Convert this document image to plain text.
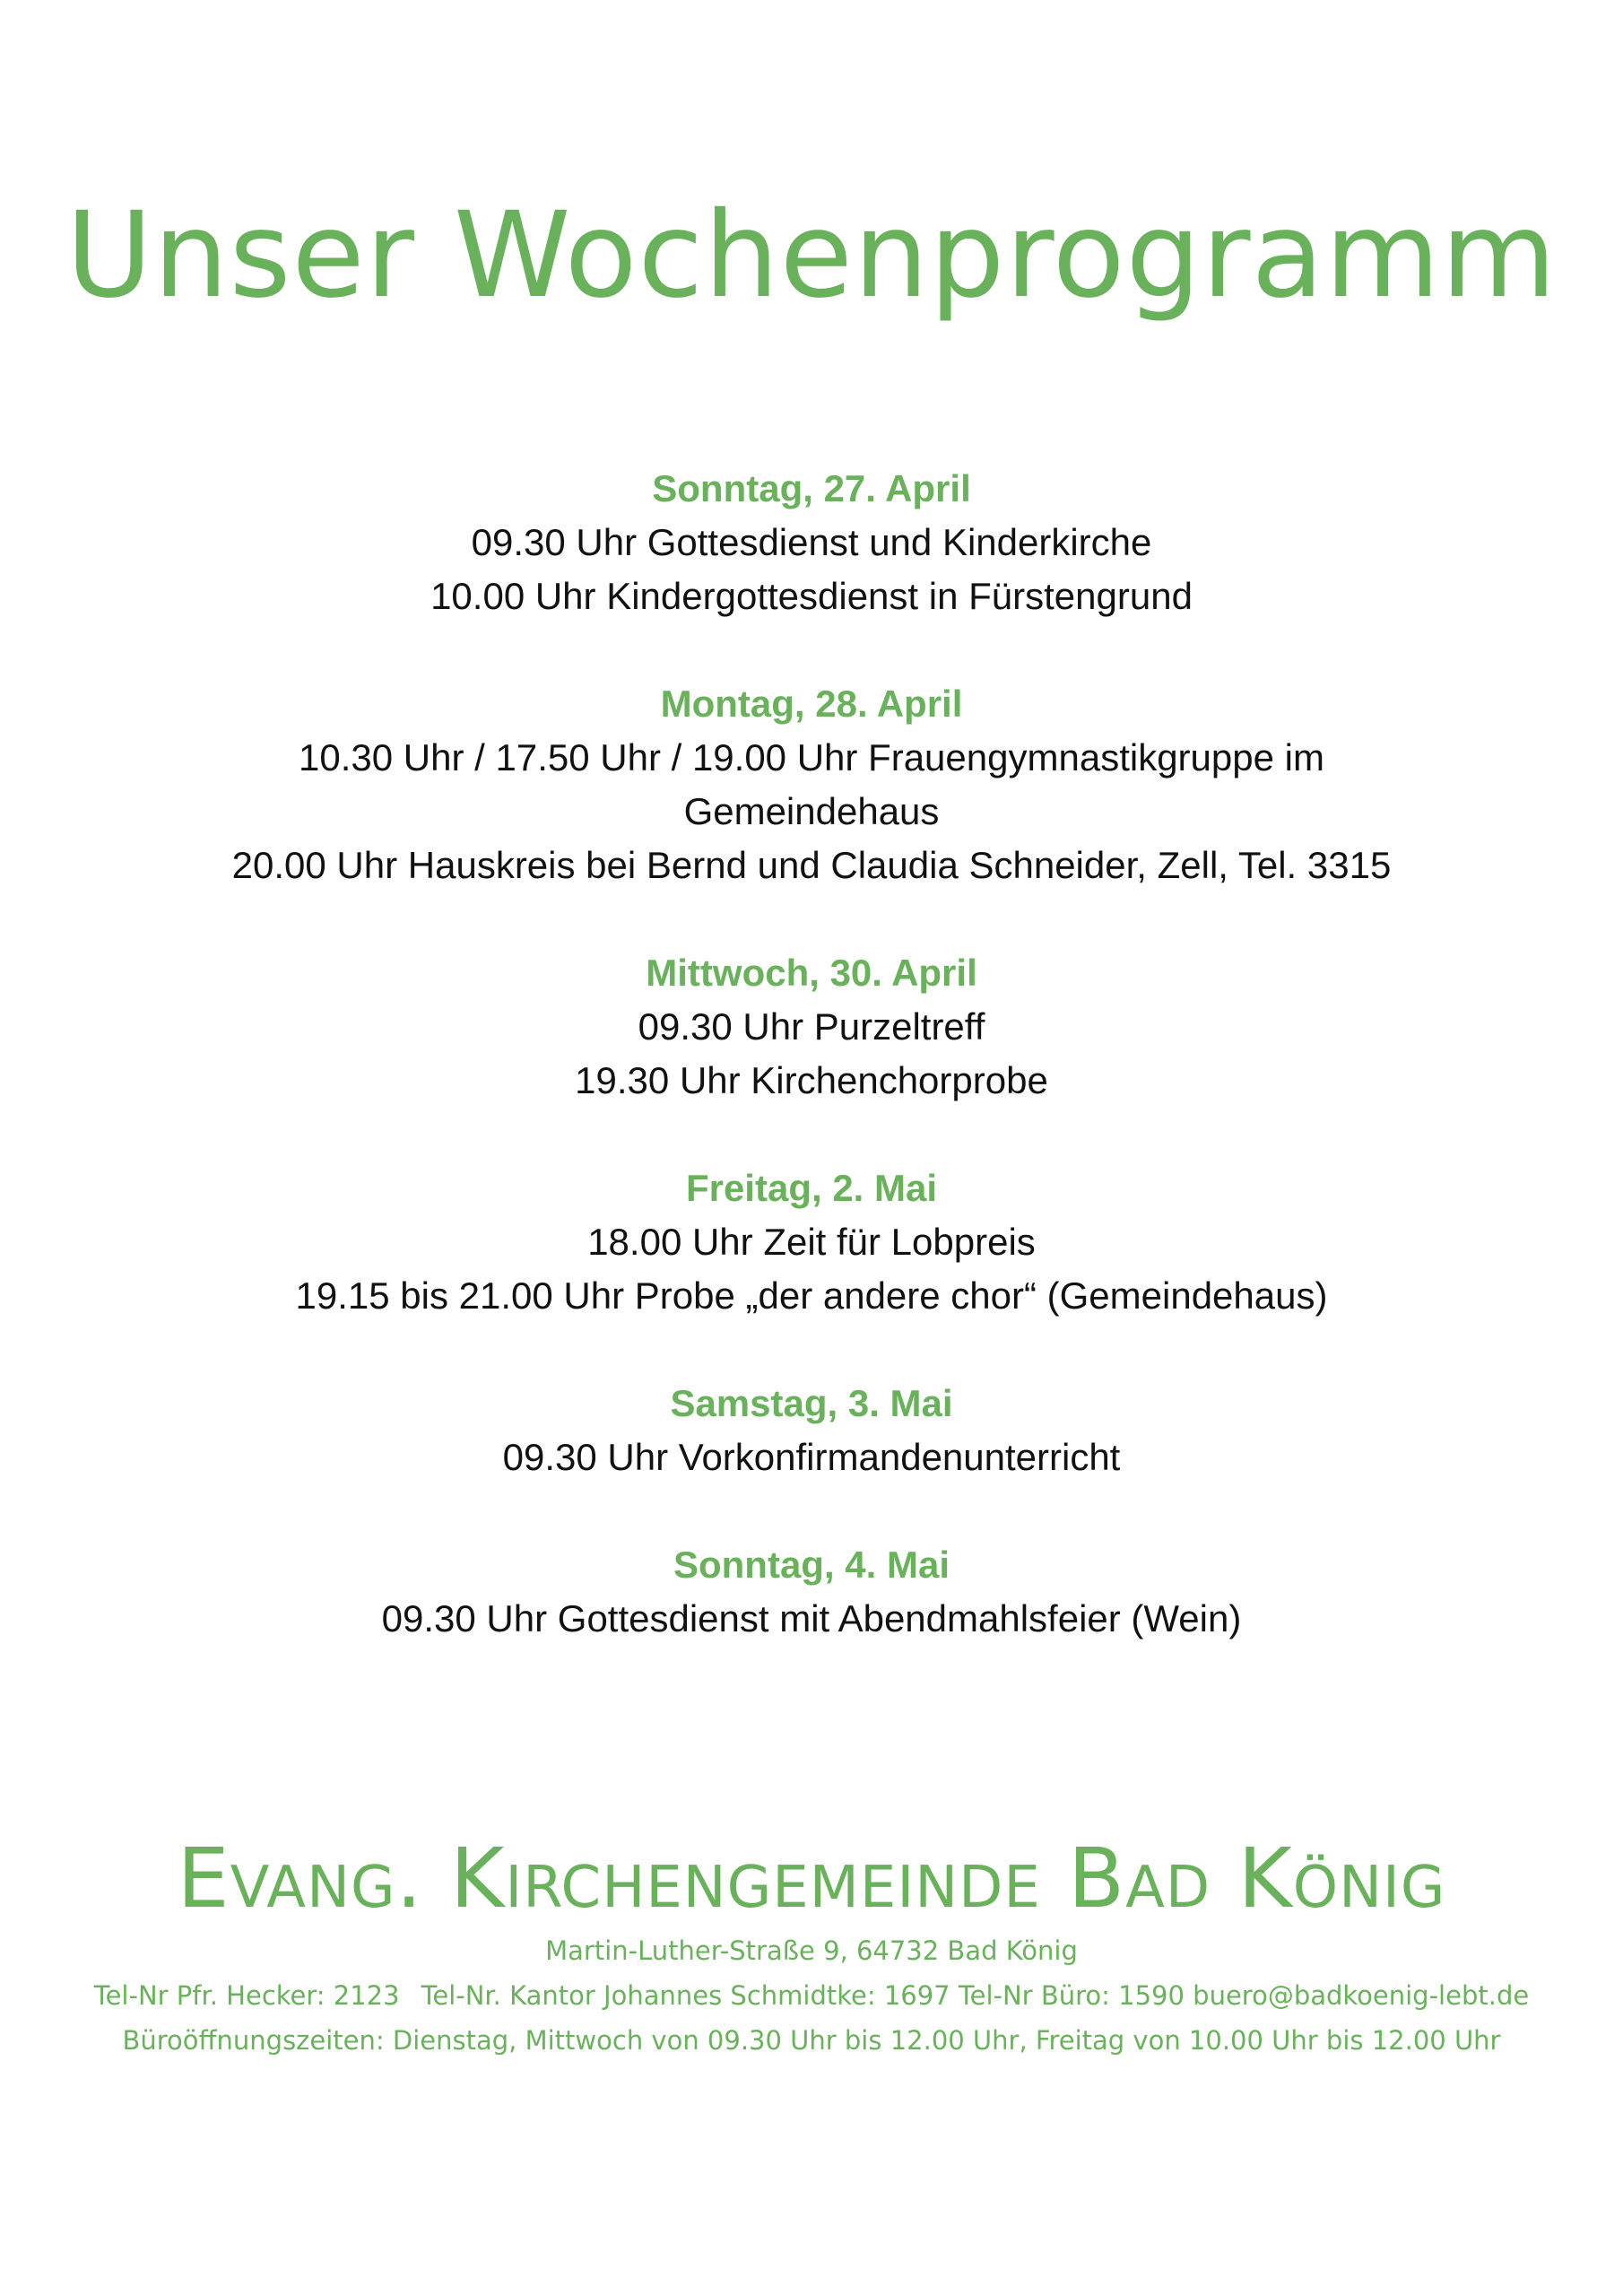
Unser Wochenprogramm
Sonntag, 27. April
09.30 Uhr Gottesdienst und Kinderkirche
10.00 Uhr Kindergottesdienst in Fürstengrund
Montag, 28. April
10.30 Uhr / 17.50 Uhr / 19.00 Uhr Frauengymnastikgruppe im
Gemeindehaus
20.00 Uhr Hauskreis bei Bernd und Claudia Schneider, Zell, Tel. 3315
Mittwoch, 30. April
09.30 Uhr Purzeltreff
19.30 Uhr Kirchenchorprobe
Freitag, 2. Mai
18.00 Uhr Zeit für Lobpreis
19.15 bis 21.00 Uhr Probe „der andere chor“ (Gemeindehaus)
Samstag, 3. Mai
09.30 Uhr Vorkonfirmandenunterricht
Sonntag, 4. Mai
09.30 Uhr Gottesdienst mit Abendmahlsfeier (Wein)
Evang. Kirchengemeinde Bad König
Martin-Luther-Straße 9, 64732 Bad König
Tel-Nr Pfr. Hecker: 2123 Tel-Nr. Kantor Johannes Schmidtke: 1697 Tel-Nr Büro: 1590 buero@badkoenig-lebt.de
Büroöffnungszeiten: Dienstag, Mittwoch von 09.30 Uhr bis 12.00 Uhr, Freitag von 10.00 Uhr bis 12.00 Uhr
